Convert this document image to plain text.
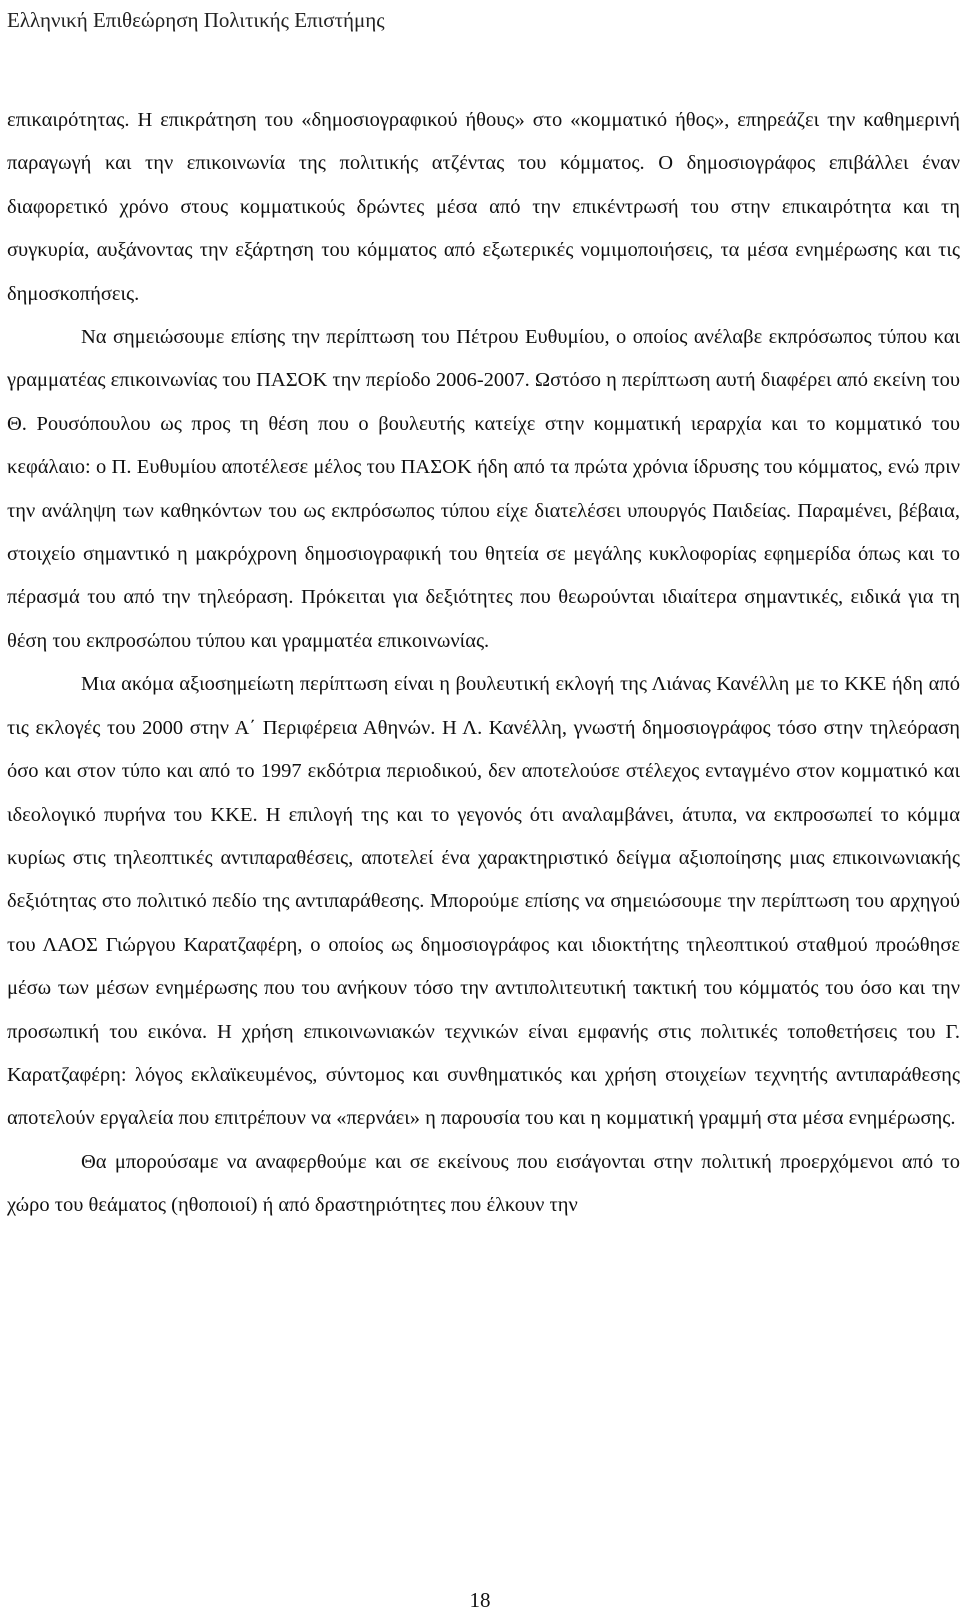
Ελληνική Επιθεώρηση Πολιτικής Επιστήμης

επικαιρότητας. Η επικράτηση του «δημοσιογραφικού ήθους» στο «κομματικό ήθος», επηρεάζει την καθημερινή παραγωγή και την επικοινωνία της πολιτικής ατζέντας του κόμματος. Ο δημοσιογράφος επιβάλλει έναν διαφορετικό χρόνο στους κομματικούς δρώντες μέσα από την επικέντρωσή του στην επικαιρότητα και τη συγκυρία, αυξάνοντας την εξάρτηση του κόμματος από εξωτερικές νομιμοποιήσεις, τα μέσα ενημέρωσης και τις δημοσκοπήσεις.

Να σημειώσουμε επίσης την περίπτωση του Πέτρου Ευθυμίου, ο οποίος ανέλαβε εκπρόσωπος τύπου και γραμματέας επικοινωνίας του ΠΑΣΟΚ την περίοδο 2006-2007. Ωστόσο η περίπτωση αυτή διαφέρει από εκείνη του Θ. Ρουσόπουλου ως προς τη θέση που ο βουλευτής κατείχε στην κομματική ιεραρχία και το κομματικό του κεφάλαιο: ο Π. Ευθυμίου αποτέλεσε μέλος του ΠΑΣΟΚ ήδη από τα πρώτα χρόνια ίδρυσης του κόμματος, ενώ πριν την ανάληψη των καθηκόντων του ως εκπρόσωπος τύπου είχε διατελέσει υπουργός Παιδείας. Παραμένει, βέβαια, στοιχείο σημαντικό η μακρόχρονη δημοσιογραφική του θητεία σε μεγάλης κυκλοφορίας εφημερίδα όπως και το πέρασμά του από την τηλεόραση. Πρόκειται για δεξιότητες που θεωρούνται ιδιαίτερα σημαντικές, ειδικά για τη θέση του εκπροσώπου τύπου και γραμματέα επικοινωνίας.

Μια ακόμα αξιοσημείωτη περίπτωση είναι η βουλευτική εκλογή της Λιάνας Κανέλλη με το ΚΚΕ ήδη από τις εκλογές του 2000 στην Α΄ Περιφέρεια Αθηνών. Η Λ. Κανέλλη, γνωστή δημοσιογράφος τόσο στην τηλεόραση όσο και στον τύπο και από το 1997 εκδότρια περιοδικού, δεν αποτελούσε στέλεχος ενταγμένο στον κομματικό και ιδεολογικό πυρήνα του ΚΚΕ. Η επιλογή της και το γεγονός ότι αναλαμβάνει, άτυπα, να εκπροσωπεί το κόμμα κυρίως στις τηλεοπτικές αντιπαραθέσεις, αποτελεί ένα χαρακτηριστικό δείγμα αξιοποίησης μιας επικοινωνιακής δεξιότητας στο πολιτικό πεδίο της αντιπαράθεσης. Μπορούμε επίσης να σημειώσουμε την περίπτωση του αρχηγού του ΛΑΟΣ Γιώργου Καρατζαφέρη, ο οποίος ως δημοσιογράφος και ιδιοκτήτης τηλεοπτικού σταθμού προώθησε μέσω των μέσων ενημέρωσης που του ανήκουν τόσο την αντιπολιτευτική τακτική του κόμματός του όσο και την προσωπική του εικόνα. Η χρήση επικοινωνιακών τεχνικών είναι εμφανής στις πολιτικές τοποθετήσεις του Γ. Καρατζαφέρη: λόγος εκλαϊκευμένος, σύντομος και συνθηματικός και χρήση στοιχείων τεχνητής αντιπαράθεσης αποτελούν εργαλεία που επιτρέπουν να «περνάει» η παρουσία του και η κομματική γραμμή στα μέσα ενημέρωσης.

Θα μπορούσαμε να αναφερθούμε και σε εκείνους που εισάγονται στην πολιτική προερχόμενοι από το χώρο του θεάματος (ηθοποιοί) ή από δραστηριότητες που έλκουν την

18
